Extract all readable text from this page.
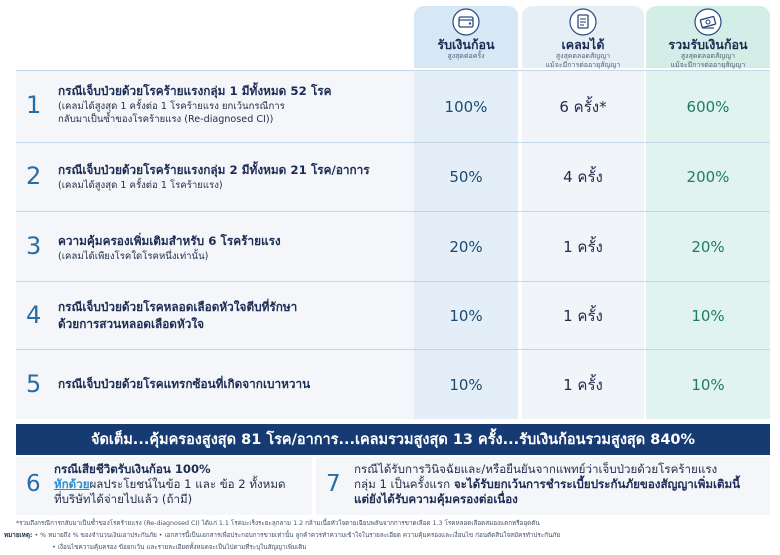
รับเงินก้อน
สูงสุดต่อครั้ง
เคลมได้
สูงสุดตลอดสัญญา
แม้จะมีการต่ออายุสัญญา
รวมรับเงินก้อน
สูงสุดตลอดสัญญา
แม้จะมีการต่ออายุสัญญา
1 กรณีเจ็บป่วยด้วยโรคร้ายแรงกลุ่ม 1 มีทั้งหมด 52 โรค
(เคลมได้สูงสุด 1 ครั้งต่อ 1 โรคร้ายแรง ยกเว้นกรณีการ
กลับมาเป็นซ้ำของโรคร้ายแรง (Re-diagnosed CI))
100%	6 ครั้ง*	600%
2 กรณีเจ็บป่วยด้วยโรคร้ายแรงกลุ่ม 2 มีทั้งหมด 21 โรค/อาการ
(เคลมได้สูงสุด 1 ครั้งต่อ 1 โรคร้ายแรง)	50%	4 ครั้ง	200%
3 ความคุ้มครองเพิ่มเติมสำหรับ 6 โรคร้ายแรง
(เคลมได้เพียงโรคใดโรคหนึ่งเท่านั้น)
20%	1 ครั้ง	20%
4 กรณีเจ็บป่วยด้วยโรคหลอดเลือดหัวใจตีบที่รักษา
ด้วยการสวนหลอดเลือดหัวใจ	10%	1 ครั้ง	10%
5 กรณีเจ็บป่วยด้วยโรคแทรกซ้อนที่เกิดจากเบาหวาน	10%	1 ครั้ง	10%
จัดเต็ม...คุ้มครองสูงสุด 81 โรค/อาการ...เคลมรวมสูงสุด 13 ครั้ง...รับเงินก้อนรวมสูงสุด 840%
6
กรณีเสียชีวิตรับเงินก้อน 100%
หักด้วยผลประโยชน์ในข้อ 1 และ ข้อ 2 ทั้งหมด
ที่บริษัทได้จ่ายไปแล้ว (ถ้ามี)
7
กรณีได้รับการวินิจฉัยและ/หรือยืนยันจากแพทย์ว่าเจ็บป่วยด้วยโรคร้ายแรง
กลุ่ม 1 เป็นครั้งแรก จะได้รับยกเว้นการชำระเบี้ยประกันภัยของสัญญาเพิ่มเติมนี้
แต่ยังได้รับความคุ้มครองต่อเนื่อง
*รวมถึงกรณีการกลับมาเป็นซ้ำของโรคร้ายแรง (Re-diagnosed CI) ได้แก่ 1.1 โรคมะเร็งระยะลุกลาม 1.2 กล้ามเนื้อหัวใจตายเฉียบพลันจากการขาดเลือด 1.3 โรคหลอดเลือดสมองแตกหรืออุดตัน
หมายเหตุ: • % หมายถึง % ของจำนวนเงินเอาประกันภัย • เอกสารนี้เป็นเอกสารเพื่อประกอบการขายเท่านั้น ลูกค้าควรทำความเข้าใจในรายละเอียด ความคุ้มครองและเงื่อนไข ก่อนตัดสินใจสมัครทำประกันภัย
• เงื่อนไขความคุ้มครอง ข้อยกเว้น และรายละเอียดทั้งหมดจะเป็นไปตามที่ระบุในสัญญาเพิ่มเติม
